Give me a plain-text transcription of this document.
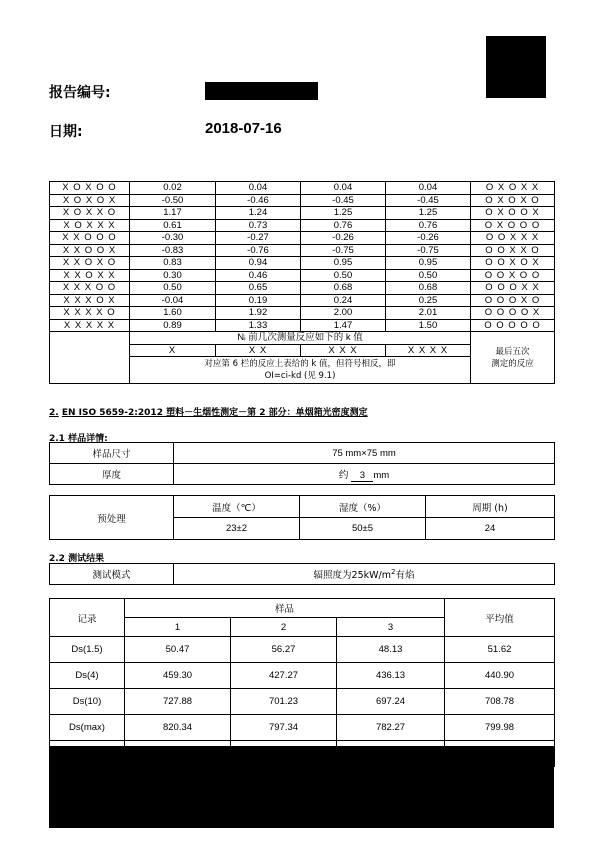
报告编号:
日期:	2018-07-16
X O X O O	0.02	0.04	0.04	0.04	O X O X X
X O X O X	-0.50	-0.46	-0.45	-0.45	O X O X O
X O X X O	1.17	1.24	1.25	1.25	O X O O X
X O X X X	0.61	0.73	0.76	0.76	O X O O O
X X O O O	-0.30	-0.27	-0.26	-0.26	O O X X X
X X O O X	-0.83	-0.76	-0.75	-0.75	O O X X O
X X O X O	0.83	0.94	0.95	0.95	O O X O X
X X O X X	0.30	0.46	0.50	0.50	O O X O O
X X X O O	0.50	0.65	0.68	0.68	O O O X X
X X X O X	-0.04	0.19	0.24	0.25	O O O X O
X X X X O	1.60	1.92	2.00	2.01	O O O O X
X X X X X	0.89	1.33	1.47	1.50	O O O O O
	Nᵢ 前几次测量反应如下的 k 值				最后五次
测定的反应

	X	X X	X X X	X X X X	

	对应第 6 栏的反应上表给的 k 值，但符号相反，即
OI=ci-kd (见 9.1)				
2. EN ISO 5659-2:2012 塑料－生烟性测定－第 2 部分：单烟箱光密度测定
2.1 样品详情:
样品尺寸	75 mm×75 mm
厚度	约 3 mm
预处理	温度（℃）	湿度（%）	周期 (h)
	23±2	50±5	24
2.2 测试结果
测试模式	辐照度为$25kW/m^2$有焰
记录	样品			平均值
	1	2	3	
Ds(1.5)	50.47	56.27	48.13	51.62
Ds(4)	459.30	427.27	436.13	440.90
Ds(10)	727.88	701.23	697.24	708.78
Ds(max)	820.34	797.34	782.27	799.98
VOF4	413.21	403.27	397.23	404.57
